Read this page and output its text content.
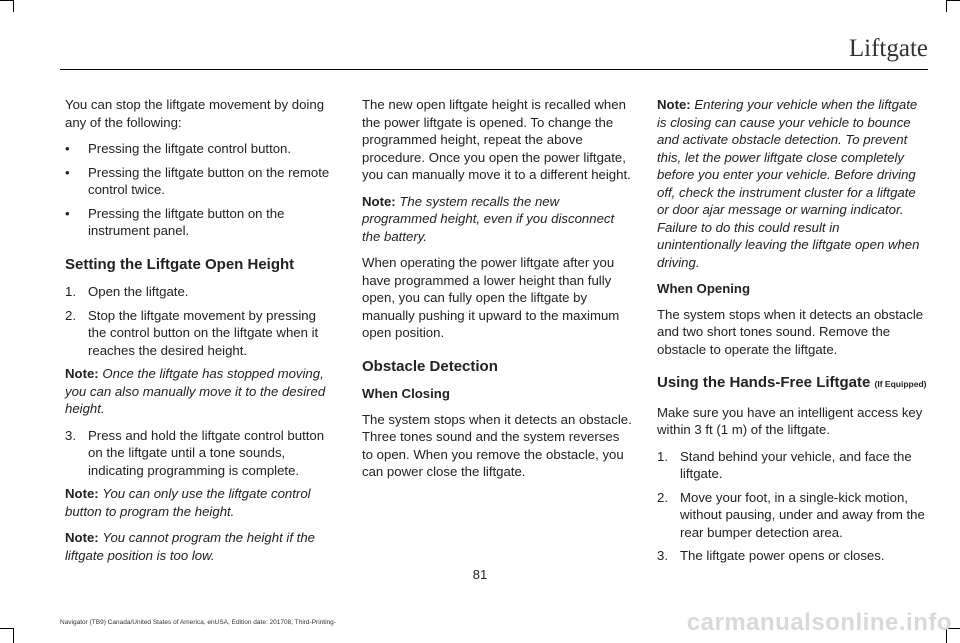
Liftgate

You can stop the liftgate movement by doing any of the following:

• Pressing the liftgate control button.
• Pressing the liftgate button on the remote control twice.
• Pressing the liftgate button on the instrument panel.
Setting the Liftgate Open Height
1. Open the liftgate.
2. Stop the liftgate movement by pressing the control button on the liftgate when it reaches the desired height.

Note: Once the liftgate has stopped moving, you can also manually move it to the desired height.

3. Press and hold the liftgate control button on the liftgate until a tone sounds, indicating programming is complete.

Note: You can only use the liftgate control button to program the height.

Note: You cannot program the height if the liftgate position is too low.

The new open liftgate height is recalled when the power liftgate is opened. To change the programmed height, repeat the above procedure. Once you open the power liftgate, you can manually move it to a different height.

Note: The system recalls the new programmed height, even if you disconnect the battery.

When operating the power liftgate after you have programmed a lower height than fully open, you can fully open the liftgate by manually pushing it upward to the maximum open position.

Obstacle Detection
When Closing

The system stops when it detects an obstacle. Three tones sound and the system reverses to open. When you remove the obstacle, you can power close the liftgate.

Note: Entering your vehicle when the liftgate is closing can cause your vehicle to bounce and activate obstacle detection. To prevent this, let the power liftgate close completely before you enter your vehicle. Before driving off, check the instrument cluster for a liftgate or door ajar message or warning indicator. Failure to do this could result in unintentionally leaving the liftgate open when driving.

When Opening

The system stops when it detects an obstacle and two short tones sound. Remove the obstacle to operate the liftgate.

Using the Hands-Free Liftgate (If Equipped)

Make sure you have an intelligent access key within 3 ft (1 m) of the liftgate.

1. Stand behind your vehicle, and face the liftgate.
2. Move your foot, in a single-kick motion, without pausing, under and away from the rear bumper detection area.
3. The liftgate power opens or closes.
81
Navigator (TB9) Canada/United States of America, enUSA, Edition date: 201708, Third-Printing-	carmanualsonline.info
